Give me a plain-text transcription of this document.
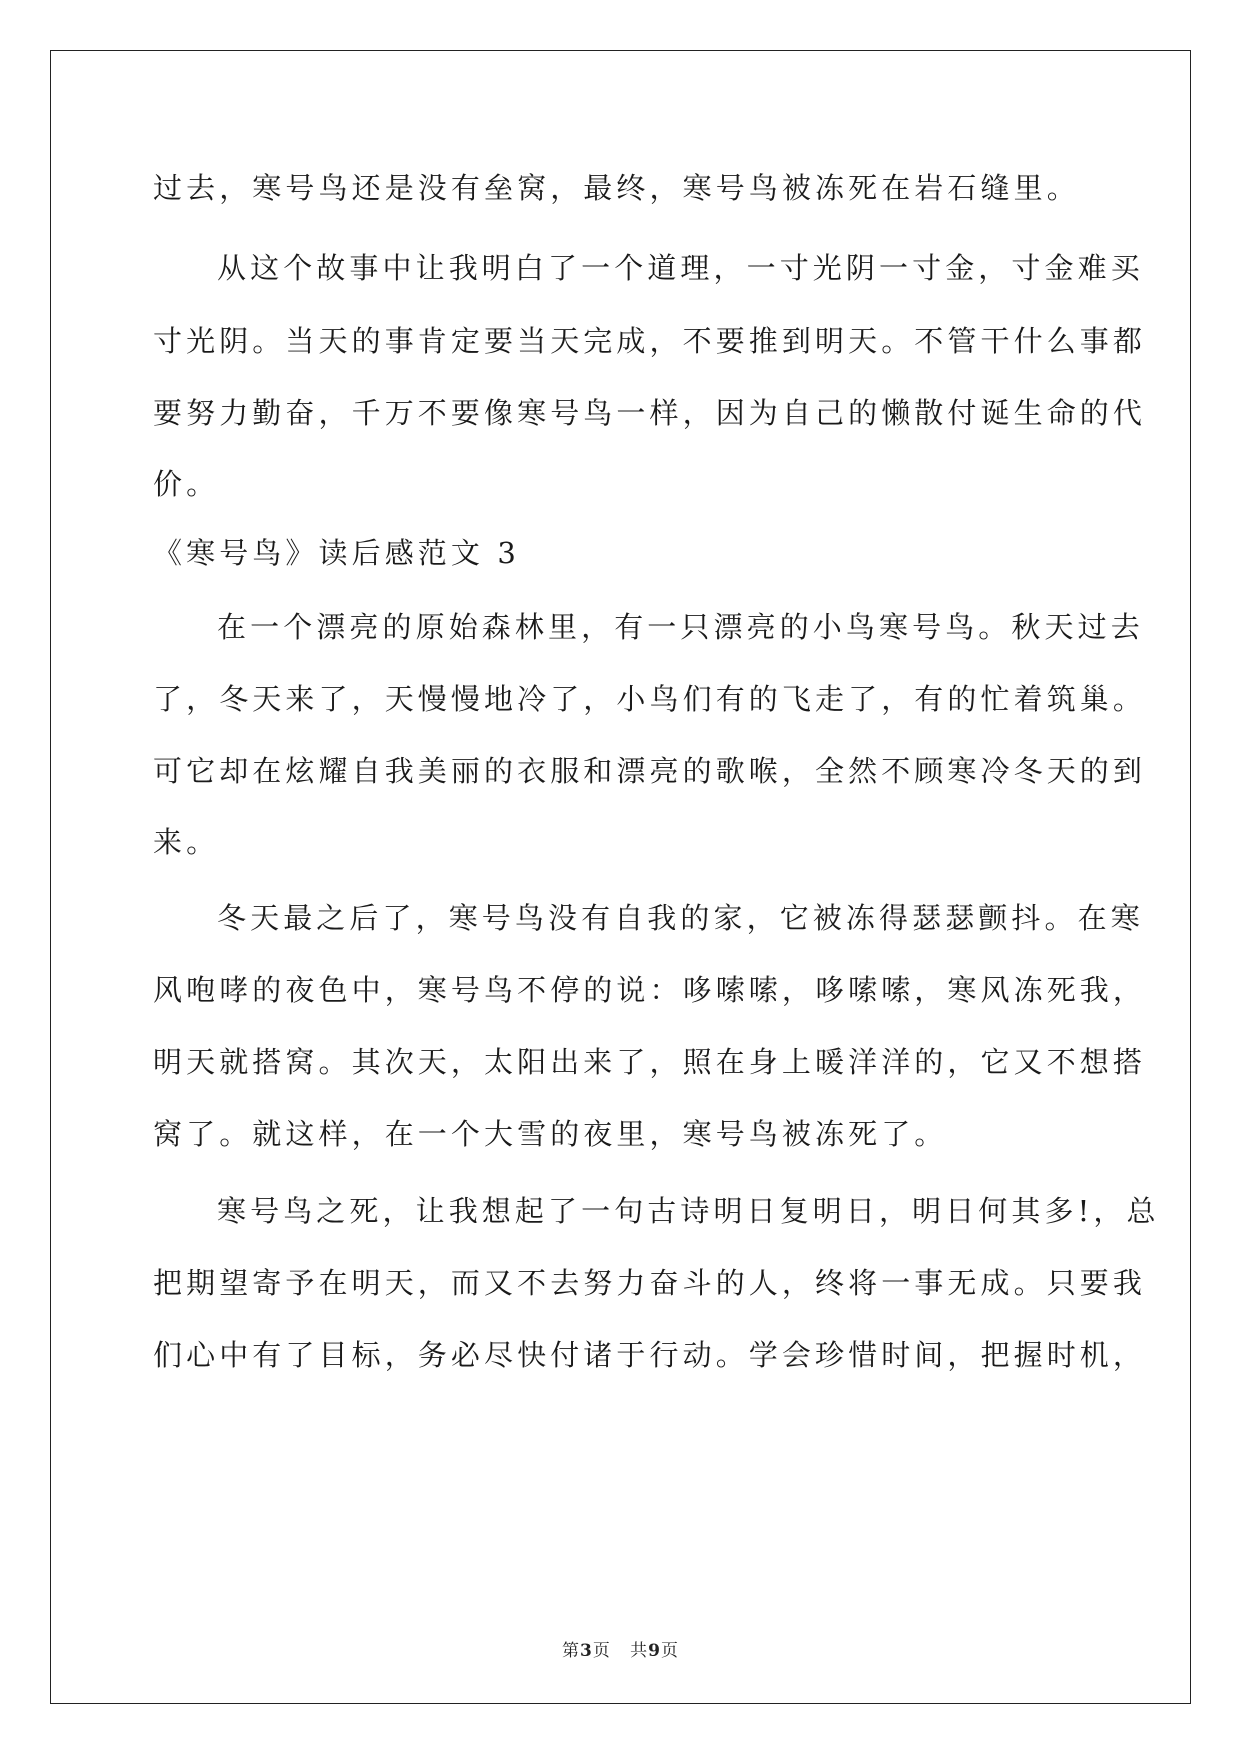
过去，寒号鸟还是没有垒窝，最终，寒号鸟被冻死在岩石缝里。
从这个故事中让我明白了一个道理，一寸光阴一寸金，寸金难买
寸光阴。当天的事肯定要当天完成，不要推到明天。不管干什么事都
要努力勤奋，千万不要像寒号鸟一样，因为自己的懒散付诞生命的代
价。
《寒号鸟》读后感范文 3
在一个漂亮的原始森林里，有一只漂亮的小鸟寒号鸟。秋天过去
了，冬天来了，天慢慢地冷了，小鸟们有的飞走了，有的忙着筑巢。
可它却在炫耀自我美丽的衣服和漂亮的歌喉，全然不顾寒冷冬天的到
来。
冬天最之后了，寒号鸟没有自我的家，它被冻得瑟瑟颤抖。在寒
风咆哮的夜色中，寒号鸟不停的说：哆嗦嗦，哆嗦嗦，寒风冻死我，
明天就搭窝。其次天，太阳出来了，照在身上暖洋洋的，它又不想搭
窝了。就这样，在一个大雪的夜里，寒号鸟被冻死了。
寒号鸟之死，让我想起了一句古诗明日复明日，明日何其多!，总
把期望寄予在明天，而又不去努力奋斗的人，终将一事无成。只要我
们心中有了目标，务必尽快付诸于行动。学会珍惜时间，把握时机，
第3页   共9页
